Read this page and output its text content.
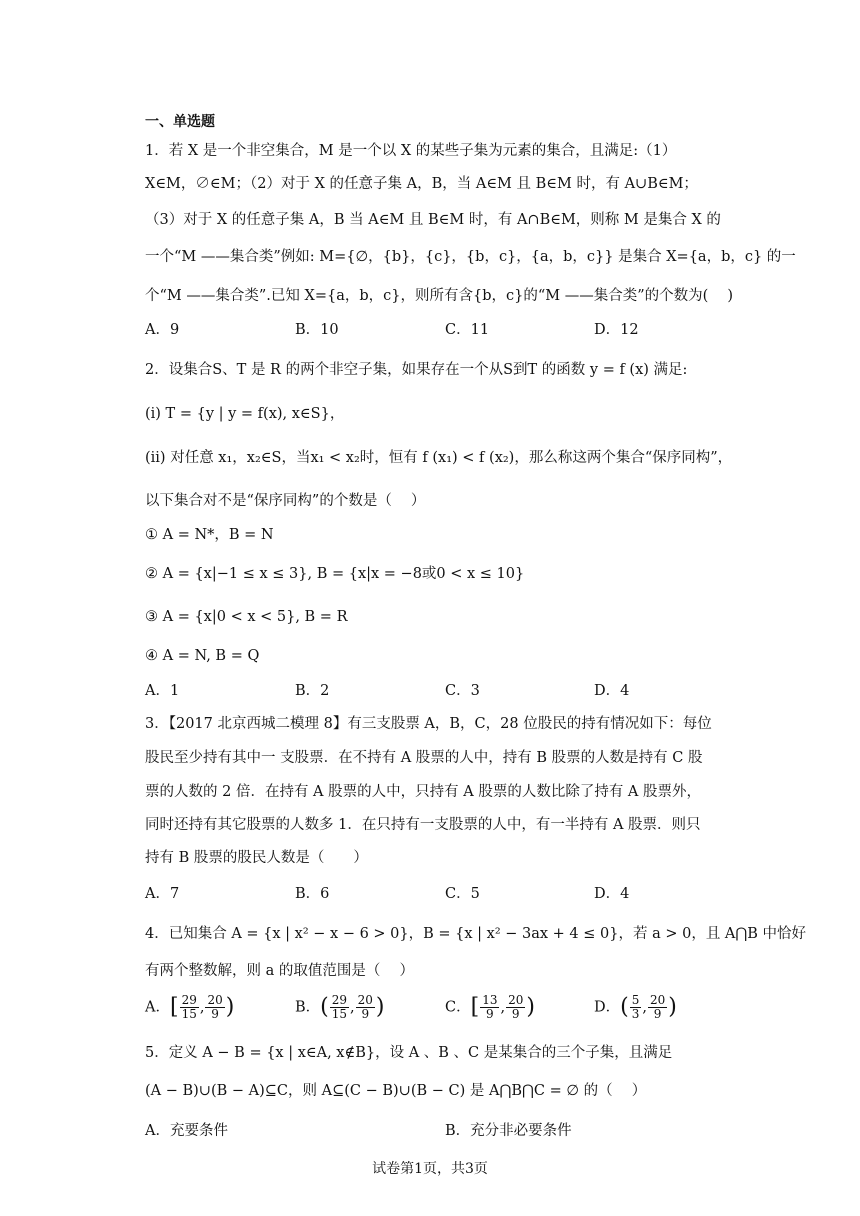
一、单选题
1．若 X 是一个非空集合，M 是一个以 X 的某些子集为元素的集合，且满足:（1）
X∈M，∅∈M；（2）对于 X 的任意子集 A，B，当 A∈M 且 B∈M 时，有 A∪B∈M；
（3）对于 X 的任意子集 A，B 当 A∈M 且 B∈M 时，有 A∩B∈M，则称 M 是集合 X 的
一个“M ——集合类”例如: M={∅，{b}，{c}，{b，c}，{a，b，c}} 是集合 X={a，b，c} 的一
个“M ——集合类”.已知 X={a，b，c}，则所有含{b，c}的“M ——集合类”的个数为(　 )
A．9	B．10	C．11	D．12
2．设集合S、T 是 R 的两个非空子集，如果存在一个从S到T 的函数 y = f (x) 满足:
(i) T = {y | y = f(x), x∈S}，
(ii) 对任意 x₁，x₂∈S，当x₁ < x₂时，恒有 f (x₁) < f (x₂)，那么称这两个集合“保序同构”，
以下集合对不是“保序同构”的个数是（　 ）
① A = N*，B = N
② A = {x|−1 ≤ x ≤ 3}, B = {x|x = −8或0 < x ≤ 10}
③ A = {x|0 < x < 5}, B = R
④ A = N, B = Q
A．1	B．2	C．3	D．4
3．【2017 北京西城二模理 8】有三支股票 A，B，C，28 位股民的持有情况如下：每位
股民至少持有其中一 支股票．在不持有 A 股票的人中，持有 B 股票的人数是持有 C 股
票的人数的 2 倍．在持有 A 股票的人中，只持有 A 股票的人数比除了持有 A 股票外，
同时还持有其它股票的人数多 1．在只持有一支股票的人中，有一半持有 A 股票．则只
持有 B 股票的股民人数是（　　）
A．7	B．6	C．5	D．4
4．已知集合 A = {x | x² − x − 6 > 0}，B = {x | x² − 3ax + 4 ≤ 0}，若 a > 0，且 A⋂B 中恰好
有两个整数解，则 a 的取值范围是（　 ）
A．[ $\frac{29}{15}$ , $\frac{20}{9}$ )	B．( $\frac{29}{15}$ , $\frac{20}{9}$ )	C．[ $\frac{13}{9}$ , $\frac{20}{9}$ )	D．( $\frac{5}{3}$ , $\frac{20}{9}$ )
5．定义 A − B = {x | x∈A, x∉B}，设 A 、B 、C 是某集合的三个子集，且满足
(A − B)∪(B − A)⊆C，则 A⊆(C − B)∪(B − C) 是 A⋂B⋂C = ∅ 的（　 ）
A．充要条件	B．充分非必要条件
试卷第1页，共3页
